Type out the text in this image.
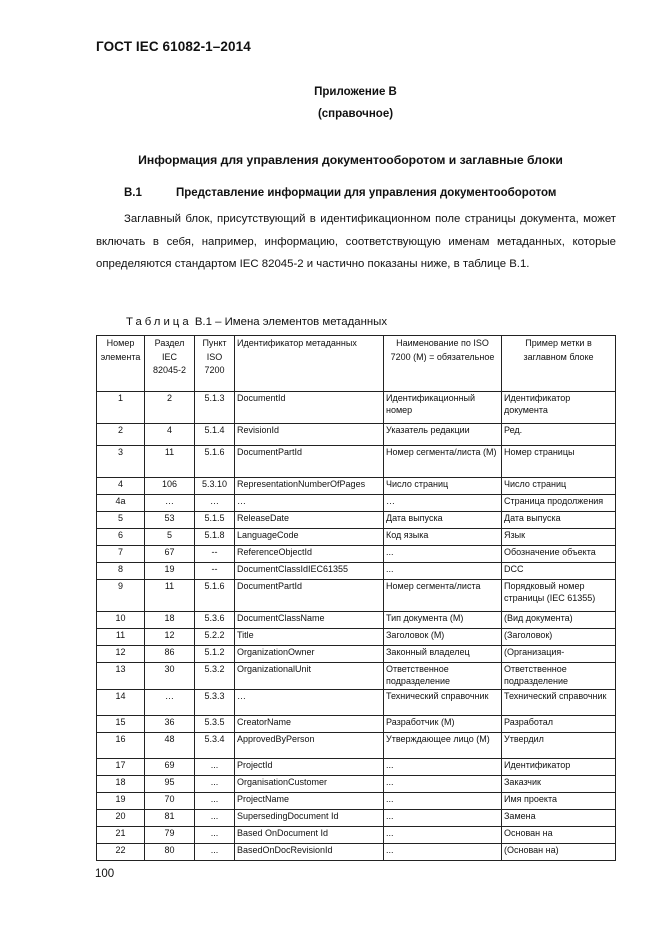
ГОСТ IEC 61082-1–2014
Приложение В
(справочное)
Информация для управления документооборотом и заглавные блоки
В.1	Представление информации для управления документооборотом

Заглавный блок, присутствующий в идентификационном поле страницы документа, может включать в себя, например, информацию, соответствующую именам метаданных, которые определяются стандартом IEC 82045-2 и частично показаны ниже, в таблице В.1.

Таблица В.1 – Имена элементов метаданных
Номер элемента	Раздел IEC 82045-2	Пункт ISO 7200	Идентификатор метаданных	Наименование по ISO 7200 (M) = обязательное	Пример метки в заглавном блоке
1	2	5.1.3	DocumentId	Идентификационный номер	Идентификатор документа
2	4	5.1.4	RevisionId	Указатель редакции	Ред.
3	11	5.1.6	DocumentPartId	Номер сегмента/листа (М)	Номер страницы
4	106	5.3.10	RepresentationNumberOfPages	Число страниц	Число страниц
4a	…	…	…	…	Страница продолжения
5	53	5.1.5	ReleaseDate	Дата выпуска	Дата выпуска
6	5	5.1.8	LanguageCode	Код языка	Язык
7	67	--	ReferenceObjectId	...	Обозначение объекта
8	19	--	DocumentClassIdIEC61355	...	DCC
9	11	5.1.6	DocumentPartId	Номер сегмента/листа	Порядковый номер страницы (IEC 61355)
10	18	5.3.6	DocumentClassName	Тип документа (М)	(Вид документа)
11	12	5.2.2	Title	Заголовок (М)	(Заголовок)
12	86	5.1.2	OrganizationOwner	Законный владелец	(Организация-
13	30	5.3.2	OrganizationalUnit	Ответственное подразделение	Ответственное подразделение
14	…	5.3.3	…	Технический справочник	Технический справочник
15	36	5.3.5	CreatorName	Разработчик (М)	Разработал
16	48	5.3.4	ApprovedByPerson	Утверждающее лицо (М)	Утвердил
17	69	...	ProjectId	...	Идентификатор
18	95	...	OrganisationCustomer	...	Заказчик
19	70	...	ProjectName	...	Имя проекта
20	81	...	SupersedingDocument Id	...	Замена
21	79	...	Based OnDocument Id	...	Основан на
22	80	...	BasedOnDocRevisionId	...	(Основан на)
100
